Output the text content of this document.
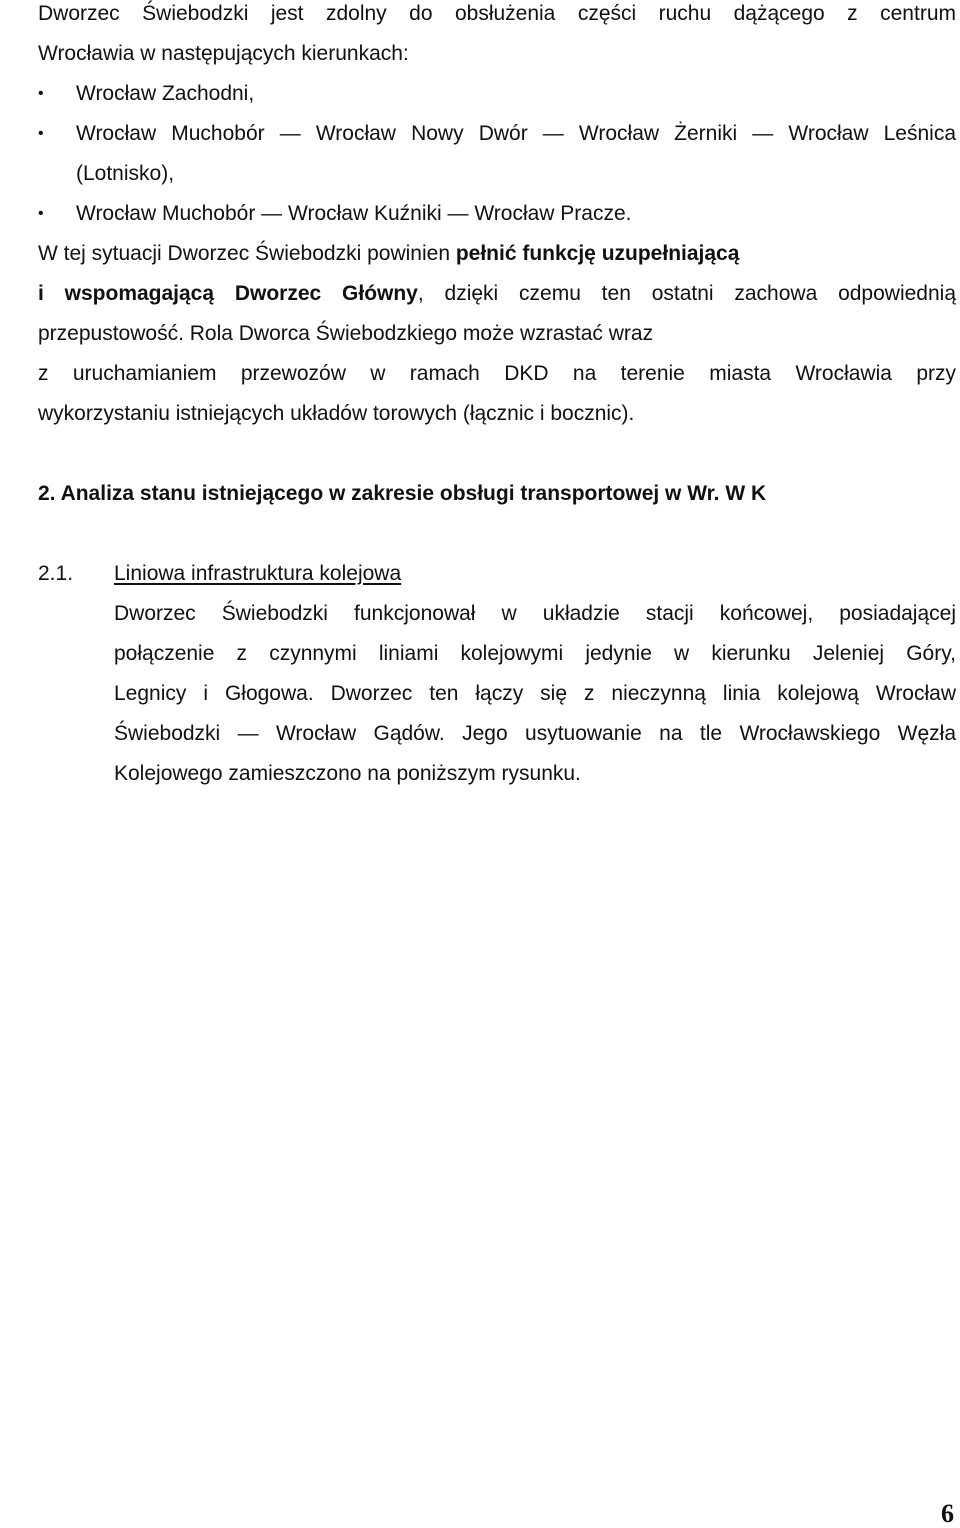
Dworzec Świebodzki jest zdolny do obsłużenia części ruchu dążącego z centrum
Wrocławia w następujących kierunkach:
• Wrocław Zachodni,
• Wrocław Muchobór — Wrocław Nowy Dwór — Wrocław Żerniki — Wrocław Leśnica
(Lotnisko),
• Wrocław Muchobór — Wrocław Kuźniki — Wrocław Pracze.
W tej sytuacji Dworzec Świebodzki powinien pełnić funkcję uzupełniającą
i wspomagającą Dworzec Główny, dzięki czemu ten ostatni zachowa odpowiednią
przepustowość. Rola Dworca Świebodzkiego może wzrastać wraz
z uruchamianiem przewozów w ramach DKD na terenie miasta Wrocławia przy
wykorzystaniu istniejących układów torowych (łącznic i bocznic).
2. Analiza stanu istniejącego w zakresie obsługi transportowej w Wr. W K
2.1. Liniowa infrastruktura kolejowa
Dworzec Świebodzki funkcjonował w układzie stacji końcowej, posiadającej
połączenie z czynnymi liniami kolejowymi jedynie w kierunku Jeleniej Góry,
Legnicy i Głogowa. Dworzec ten łączy się z nieczynną linia kolejową Wrocław
Świebodzki — Wrocław Gądów. Jego usytuowanie na tle Wrocławskiego Węzła
Kolejowego zamieszczono na poniższym rysunku.
6
